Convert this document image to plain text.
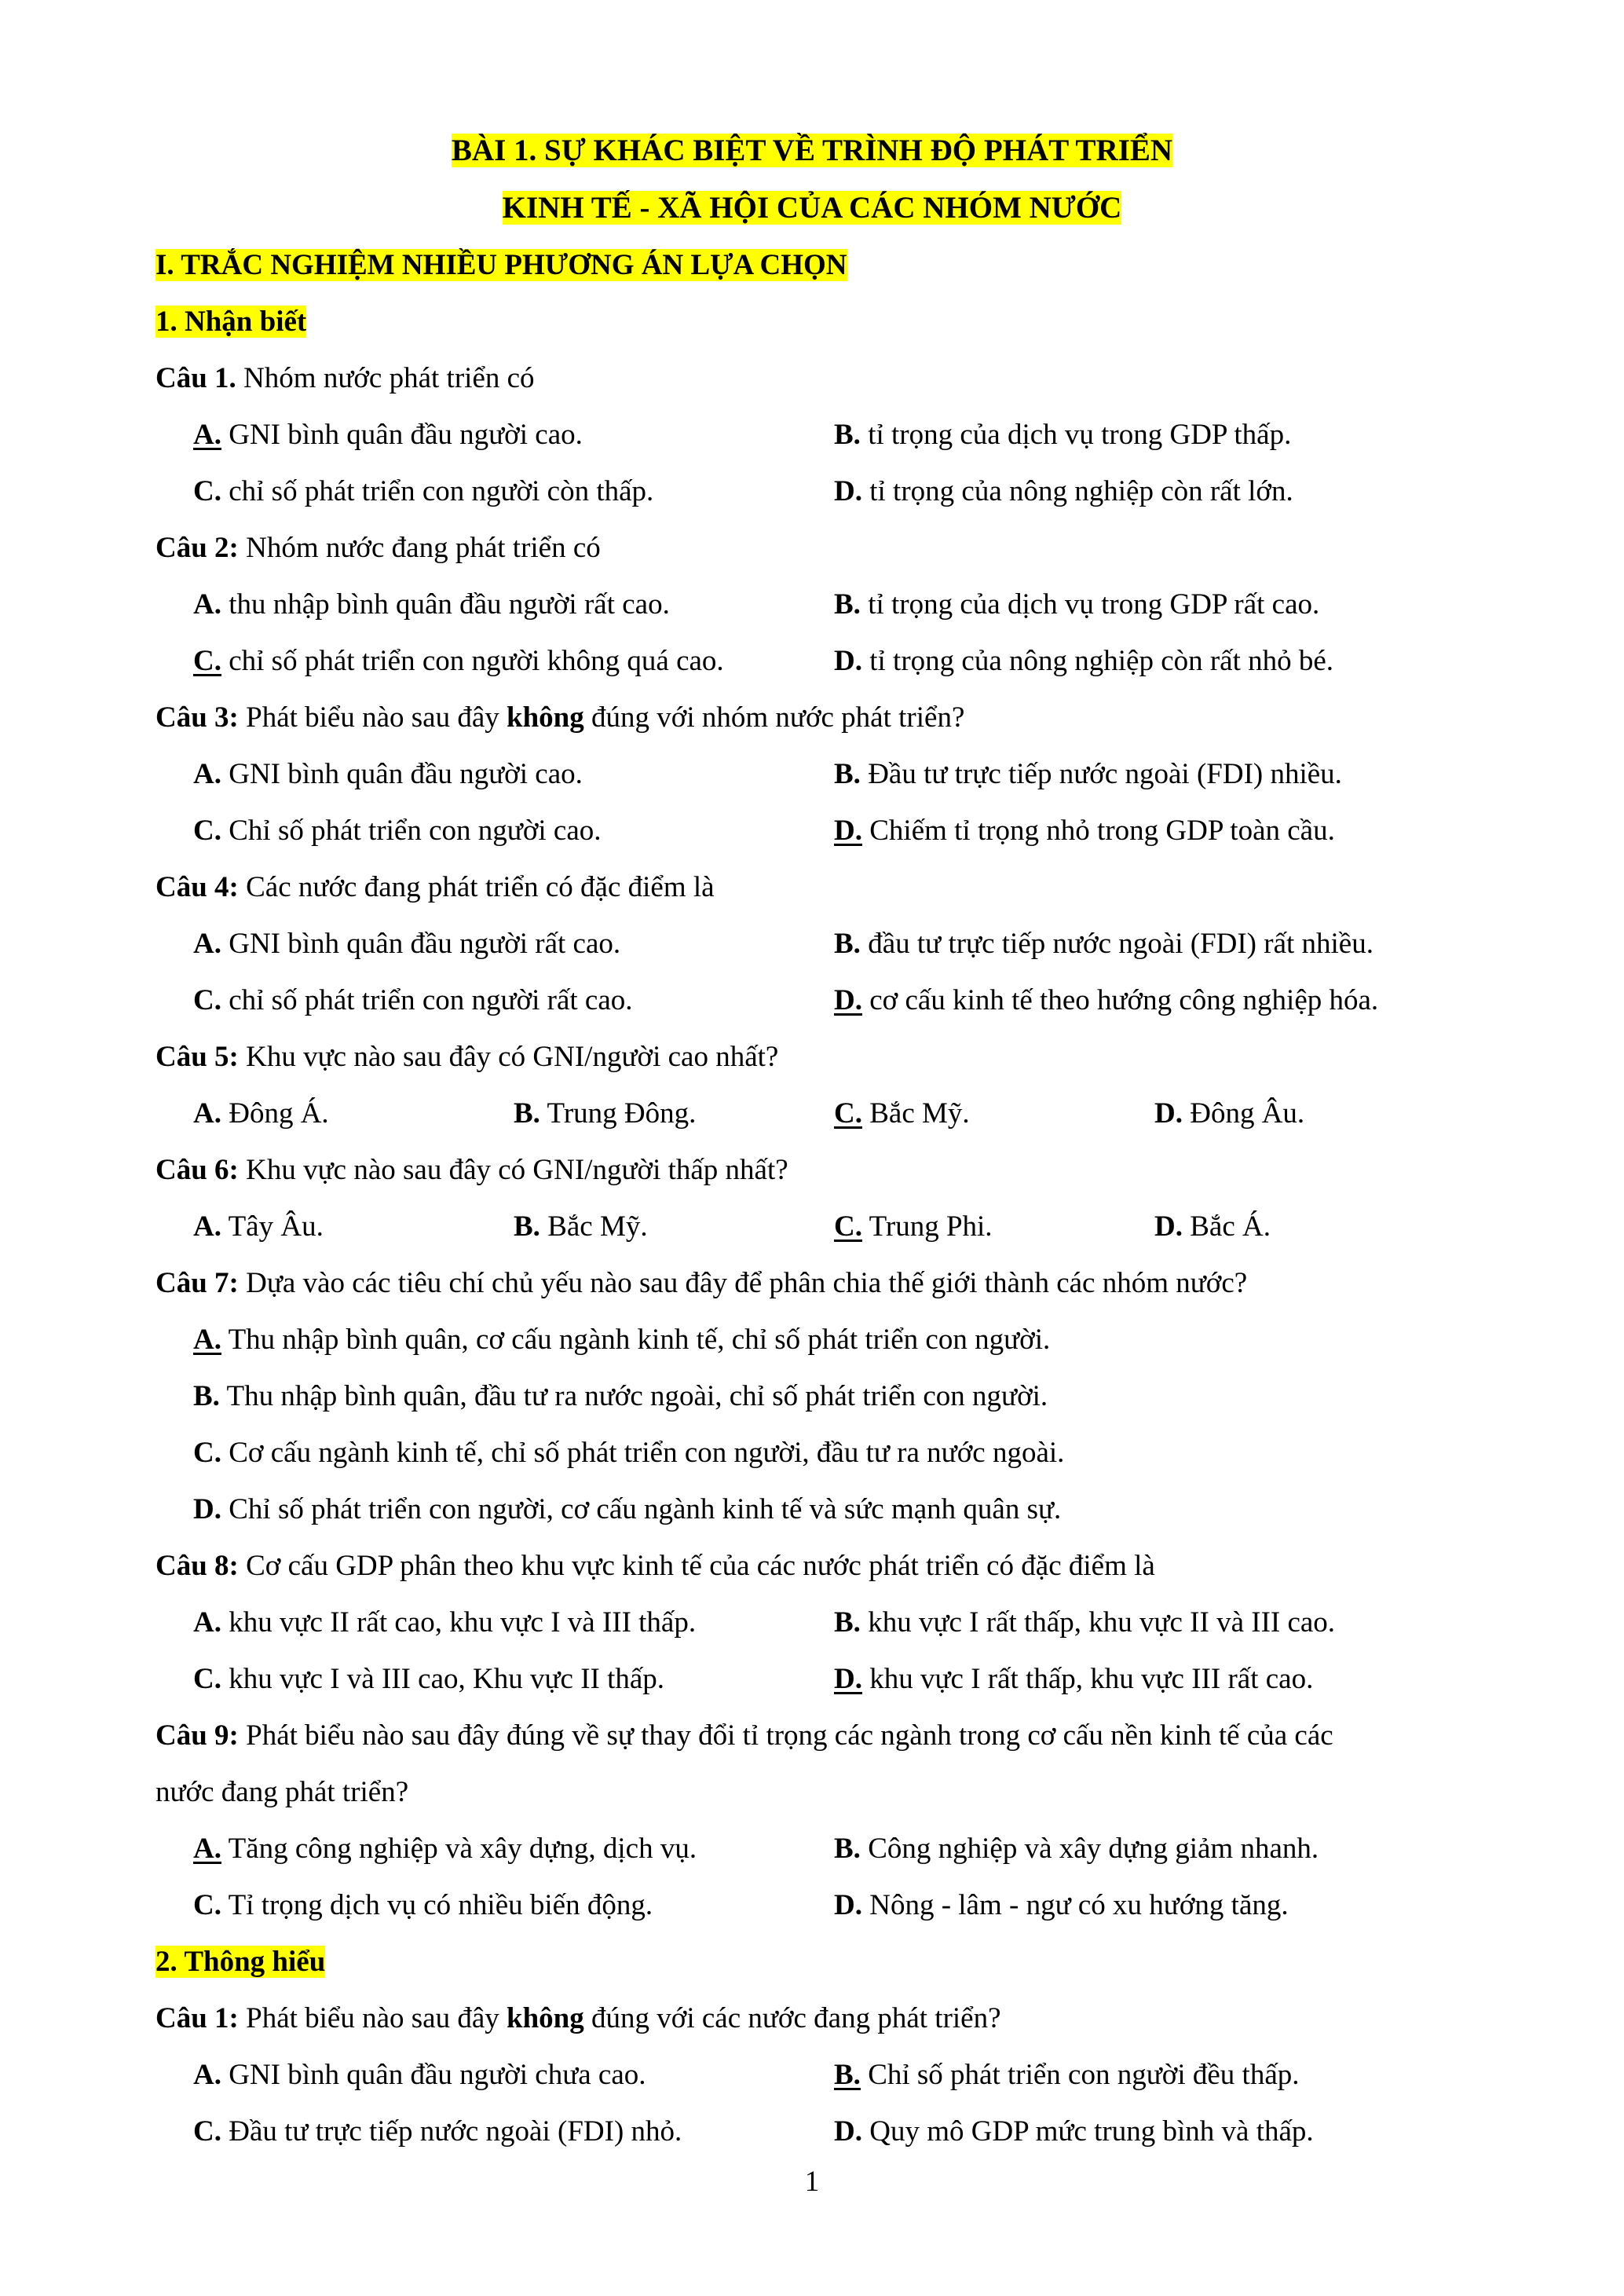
BÀI 1. SỰ KHÁC BIỆT VỀ TRÌNH ĐỘ PHÁT TRIỂN
KINH TẾ - XÃ HỘI CỦA CÁC NHÓM NƯỚC
I. TRẮC NGHIỆM NHIỀU PHƯƠNG ÁN LỰA CHỌN
1. Nhận biết
Câu 1. Nhóm nước phát triển có
A. GNI bình quân đầu người cao.	B. tỉ trọng của dịch vụ trong GDP thấp.
C. chỉ số phát triển con người còn thấp.	D. tỉ trọng của nông nghiệp còn rất lớn.
Câu 2: Nhóm nước đang phát triển có
A. thu nhập bình quân đầu người rất cao.	B. tỉ trọng của dịch vụ trong GDP rất cao.
C. chỉ số phát triển con người không quá cao.	D. tỉ trọng của nông nghiệp còn rất nhỏ bé.
Câu 3: Phát biểu nào sau đây không đúng với nhóm nước phát triển?
A. GNI bình quân đầu người cao.	B. Đầu tư trực tiếp nước ngoài (FDI) nhiều.
C. Chỉ số phát triển con người cao.	D. Chiếm tỉ trọng nhỏ trong GDP toàn cầu.
Câu 4: Các nước đang phát triển có đặc điểm là
A. GNI bình quân đầu người rất cao.	B. đầu tư trực tiếp nước ngoài (FDI) rất nhiều.
C. chỉ số phát triển con người rất cao.	D. cơ cấu kinh tế theo hướng công nghiệp hóa.
Câu 5: Khu vực nào sau đây có GNI/người cao nhất?
A. Đông Á.	B. Trung Đông.	C. Bắc Mỹ.	D. Đông Âu.
Câu 6: Khu vực nào sau đây có GNI/người thấp nhất?
A. Tây Âu.	B. Bắc Mỹ.	C. Trung Phi.	D. Bắc Á.
Câu 7: Dựa vào các tiêu chí chủ yếu nào sau đây để phân chia thế giới thành các nhóm nước?
A. Thu nhập bình quân, cơ cấu ngành kinh tế, chỉ số phát triển con người.
B. Thu nhập bình quân, đầu tư ra nước ngoài, chỉ số phát triển con người.
C. Cơ cấu ngành kinh tế, chỉ số phát triển con người, đầu tư ra nước ngoài.
D. Chỉ số phát triển con người, cơ cấu ngành kinh tế và sức mạnh quân sự.
Câu 8: Cơ cấu GDP phân theo khu vực kinh tế của các nước phát triển có đặc điểm là
A. khu vực II rất cao, khu vực I và III thấp.	B. khu vực I rất thấp, khu vực II và III cao.
C. khu vực I và III cao, Khu vực II thấp.	D. khu vực I rất thấp, khu vực III rất cao.
Câu 9: Phát biểu nào sau đây đúng về sự thay đổi tỉ trọng các ngành trong cơ cấu nền kinh tế của các
nước đang phát triển?
A. Tăng công nghiệp và xây dựng, dịch vụ.	B. Công nghiệp và xây dựng giảm nhanh.
C. Tỉ trọng dịch vụ có nhiều biến động.	D. Nông - lâm - ngư có xu hướng tăng.
2. Thông hiểu
Câu 1: Phát biểu nào sau đây không đúng với các nước đang phát triển?
A. GNI bình quân đầu người chưa cao.	B. Chỉ số phát triển con người đều thấp.
C. Đầu tư trực tiếp nước ngoài (FDI) nhỏ.	D. Quy mô GDP mức trung bình và thấp.
1
